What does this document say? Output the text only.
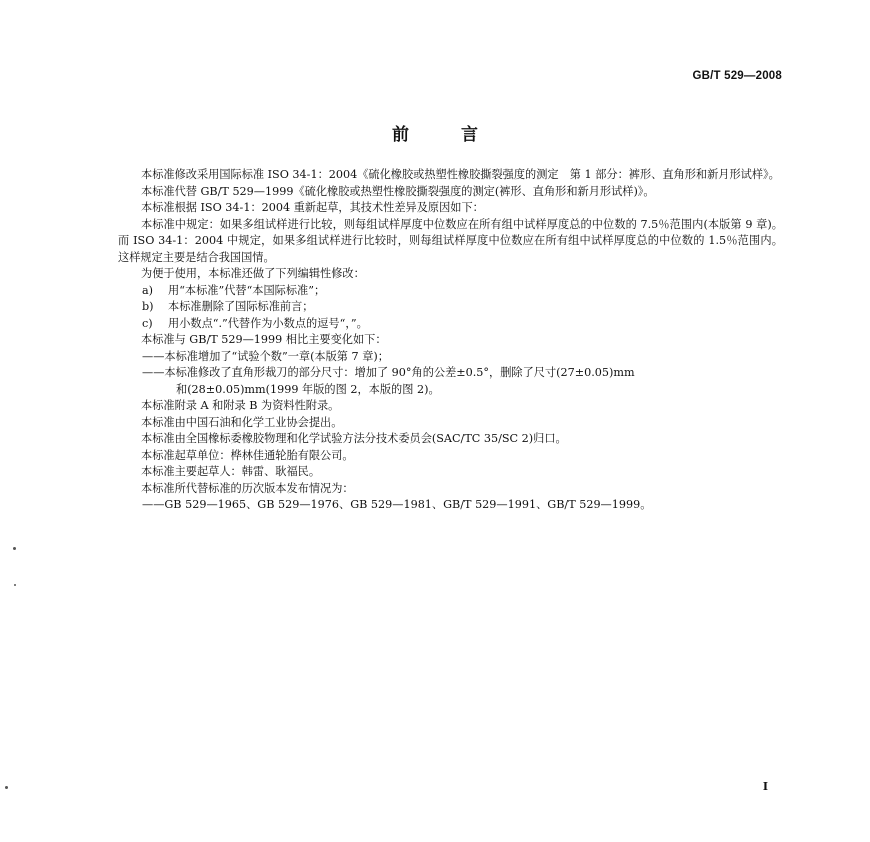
GB/T 529—2008
前言

本标准修改采用国际标准 ISO 34-1：2004《硫化橡胶或热塑性橡胶撕裂强度的测定　第 1 部分：裤形、直角形和新月形试样》。

本标准代替 GB/T 529—1999《硫化橡胶或热塑性橡胶撕裂强度的测定(裤形、直角形和新月形试样)》。

本标准根据 ISO 34-1：2004 重新起草，其技术性差异及原因如下：

本标准中规定：如果多组试样进行比较，则每组试样厚度中位数应在所有组中试样厚度总的中位数的 7.5％范围内(本版第 9 章)。而 ISO 34-1：2004 中规定，如果多组试样进行比较时，则每组试样厚度中位数应在所有组中试样厚度总的中位数的 1.5％范围内。这样规定主要是结合我国国情。

为便于使用，本标准还做了下列编辑性修改：

a)	用“本标准”代替“本国际标准”；
b)	本标准删除了国际标准前言；
c)	用小数点“.”代替作为小数点的逗号“，”。

本标准与 GB/T 529—1999 相比主要变化如下：

——本标准增加了“试验个数”一章(本版第 7 章)；

——本标准修改了直角形裁刀的部分尺寸：增加了 90°角的公差±0.5°，删除了尺寸(27±0.05)mm

和(28±0.05)mm(1999 年版的图 2，本版的图 2)。

本标准附录 A 和附录 B 为资料性附录。

本标准由中国石油和化学工业协会提出。

本标准由全国橡标委橡胶物理和化学试验方法分技术委员会(SAC/TC 35/SC 2)归口。

本标准起草单位：桦林佳通轮胎有限公司。

本标准主要起草人：韩雷、耿福民。

本标准所代替标准的历次版本发布情况为：

——GB 529—1965、GB 529—1976、GB 529—1981、GB/T 529—1991、GB/T 529—1999。

I
